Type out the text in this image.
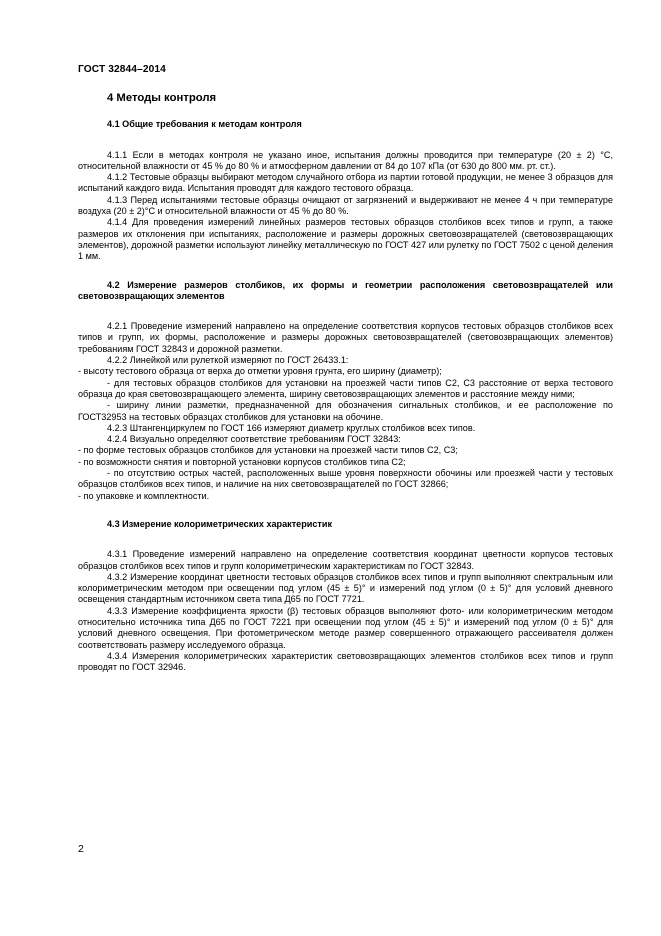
ГОСТ 32844–2014

4 Методы контроля

4.1 Общие требования к методам контроля

4.1.1 Если в методах контроля не указано иное, испытания должны проводится при температуре (20 ± 2) °С, относительной влажности от 45 % до 80 % и атмосферном давлении от 84 до 107 кПа (от 630 до 800 мм. рт. ст.).

4.1.2 Тестовые образцы выбирают методом случайного отбора из партии готовой продукции, не менее 3 образцов для испытаний каждого вида. Испытания проводят для каждого тестового образца.

4.1.3 Перед испытаниями тестовые образцы очищают от загрязнений и выдерживают не менее 4 ч при температуре воздуха (20 ± 2)°С и относительной влажности от 45 % до 80 %.

4.1.4 Для проведения измерений линейных размеров тестовых образцов столбиков всех типов и групп, а также размеров их отклонения при испытаниях, расположение и размеры дорожных световозвращателей (световозвращающих элементов), дорожной разметки используют линейку металлическую по ГОСТ 427 или рулетку по ГОСТ 7502 с ценой деления 1 мм.

4.2 Измерение размеров столбиков, их формы и геометрии расположения световозвращателей или световозвращающих элементов

4.2.1 Проведение измерений направлено на определение соответствия корпусов тестовых образцов столбиков всех типов и групп, их формы, расположение и размеры дорожных световозвращателей (световозвращающих элементов) требованиям ГОСТ 32843 и дорожной разметки.

4.2.2 Линейкой или рулеткой измеряют по ГОСТ 26433.1:

- высоту тестового образца от верха до отметки уровня грунта, его ширину (диаметр);

- для тестовых образцов столбиков для установки на проезжей части типов С2, С3 расстояние от верха тестового образца до края световозвращающего элемента, ширину световозвращающих элементов и расстояние между ними;

- ширину линии разметки, предназначенной для обозначения сигнальных столбиков, и ее расположение по ГОСТ32953 на тестовых образцах столбиков для установки на обочине.

4.2.3 Штангенциркулем по ГОСТ 166 измеряют диаметр круглых столбиков всех типов.

4.2.4 Визуально определяют соответствие требованиям ГОСТ 32843:

- по форме тестовых образцов столбиков для установки на проезжей части типов С2, С3;

- по возможности снятия и повторной установки корпусов столбиков типа С2;

- по отсутствию острых частей, расположенных выше уровня поверхности обочины или проезжей части у тестовых образцов столбиков всех типов, и наличие на них световозвращателей по ГОСТ 32866;

- по упаковке и комплектности.

4.3 Измерение колориметрических характеристик

4.3.1 Проведение измерений направлено на определение соответствия координат цветности корпусов тестовых образцов столбиков всех типов и групп колориметрическим характеристикам по ГОСТ 32843.

4.3.2 Измерение координат цветности тестовых образцов столбиков всех типов и групп выполняют спектральным или колориметрическим методом при освещении под углом (45 ± 5)° и измерений под углом (0 ± 5)° для условий дневного освещения стандартным источником света типа Д65 по ГОСТ 7721.

4.3.3 Измерение коэффициента яркости (β) тестовых образцов выполняют фото- или колориметрическим методом относительно источника типа Д65 по ГОСТ 7221 при освещении под углом (45 ± 5)° и измерений под углом (0 ± 5)° для условий дневного освещения. При фотометрическом методе размер совершенного отражающего рассеивателя должен соответствовать размеру исследуемого образца.

4.3.4 Измерения колориметрических характеристик световозвращающих элементов столбиков всех типов и групп проводят по ГОСТ 32946.

2
